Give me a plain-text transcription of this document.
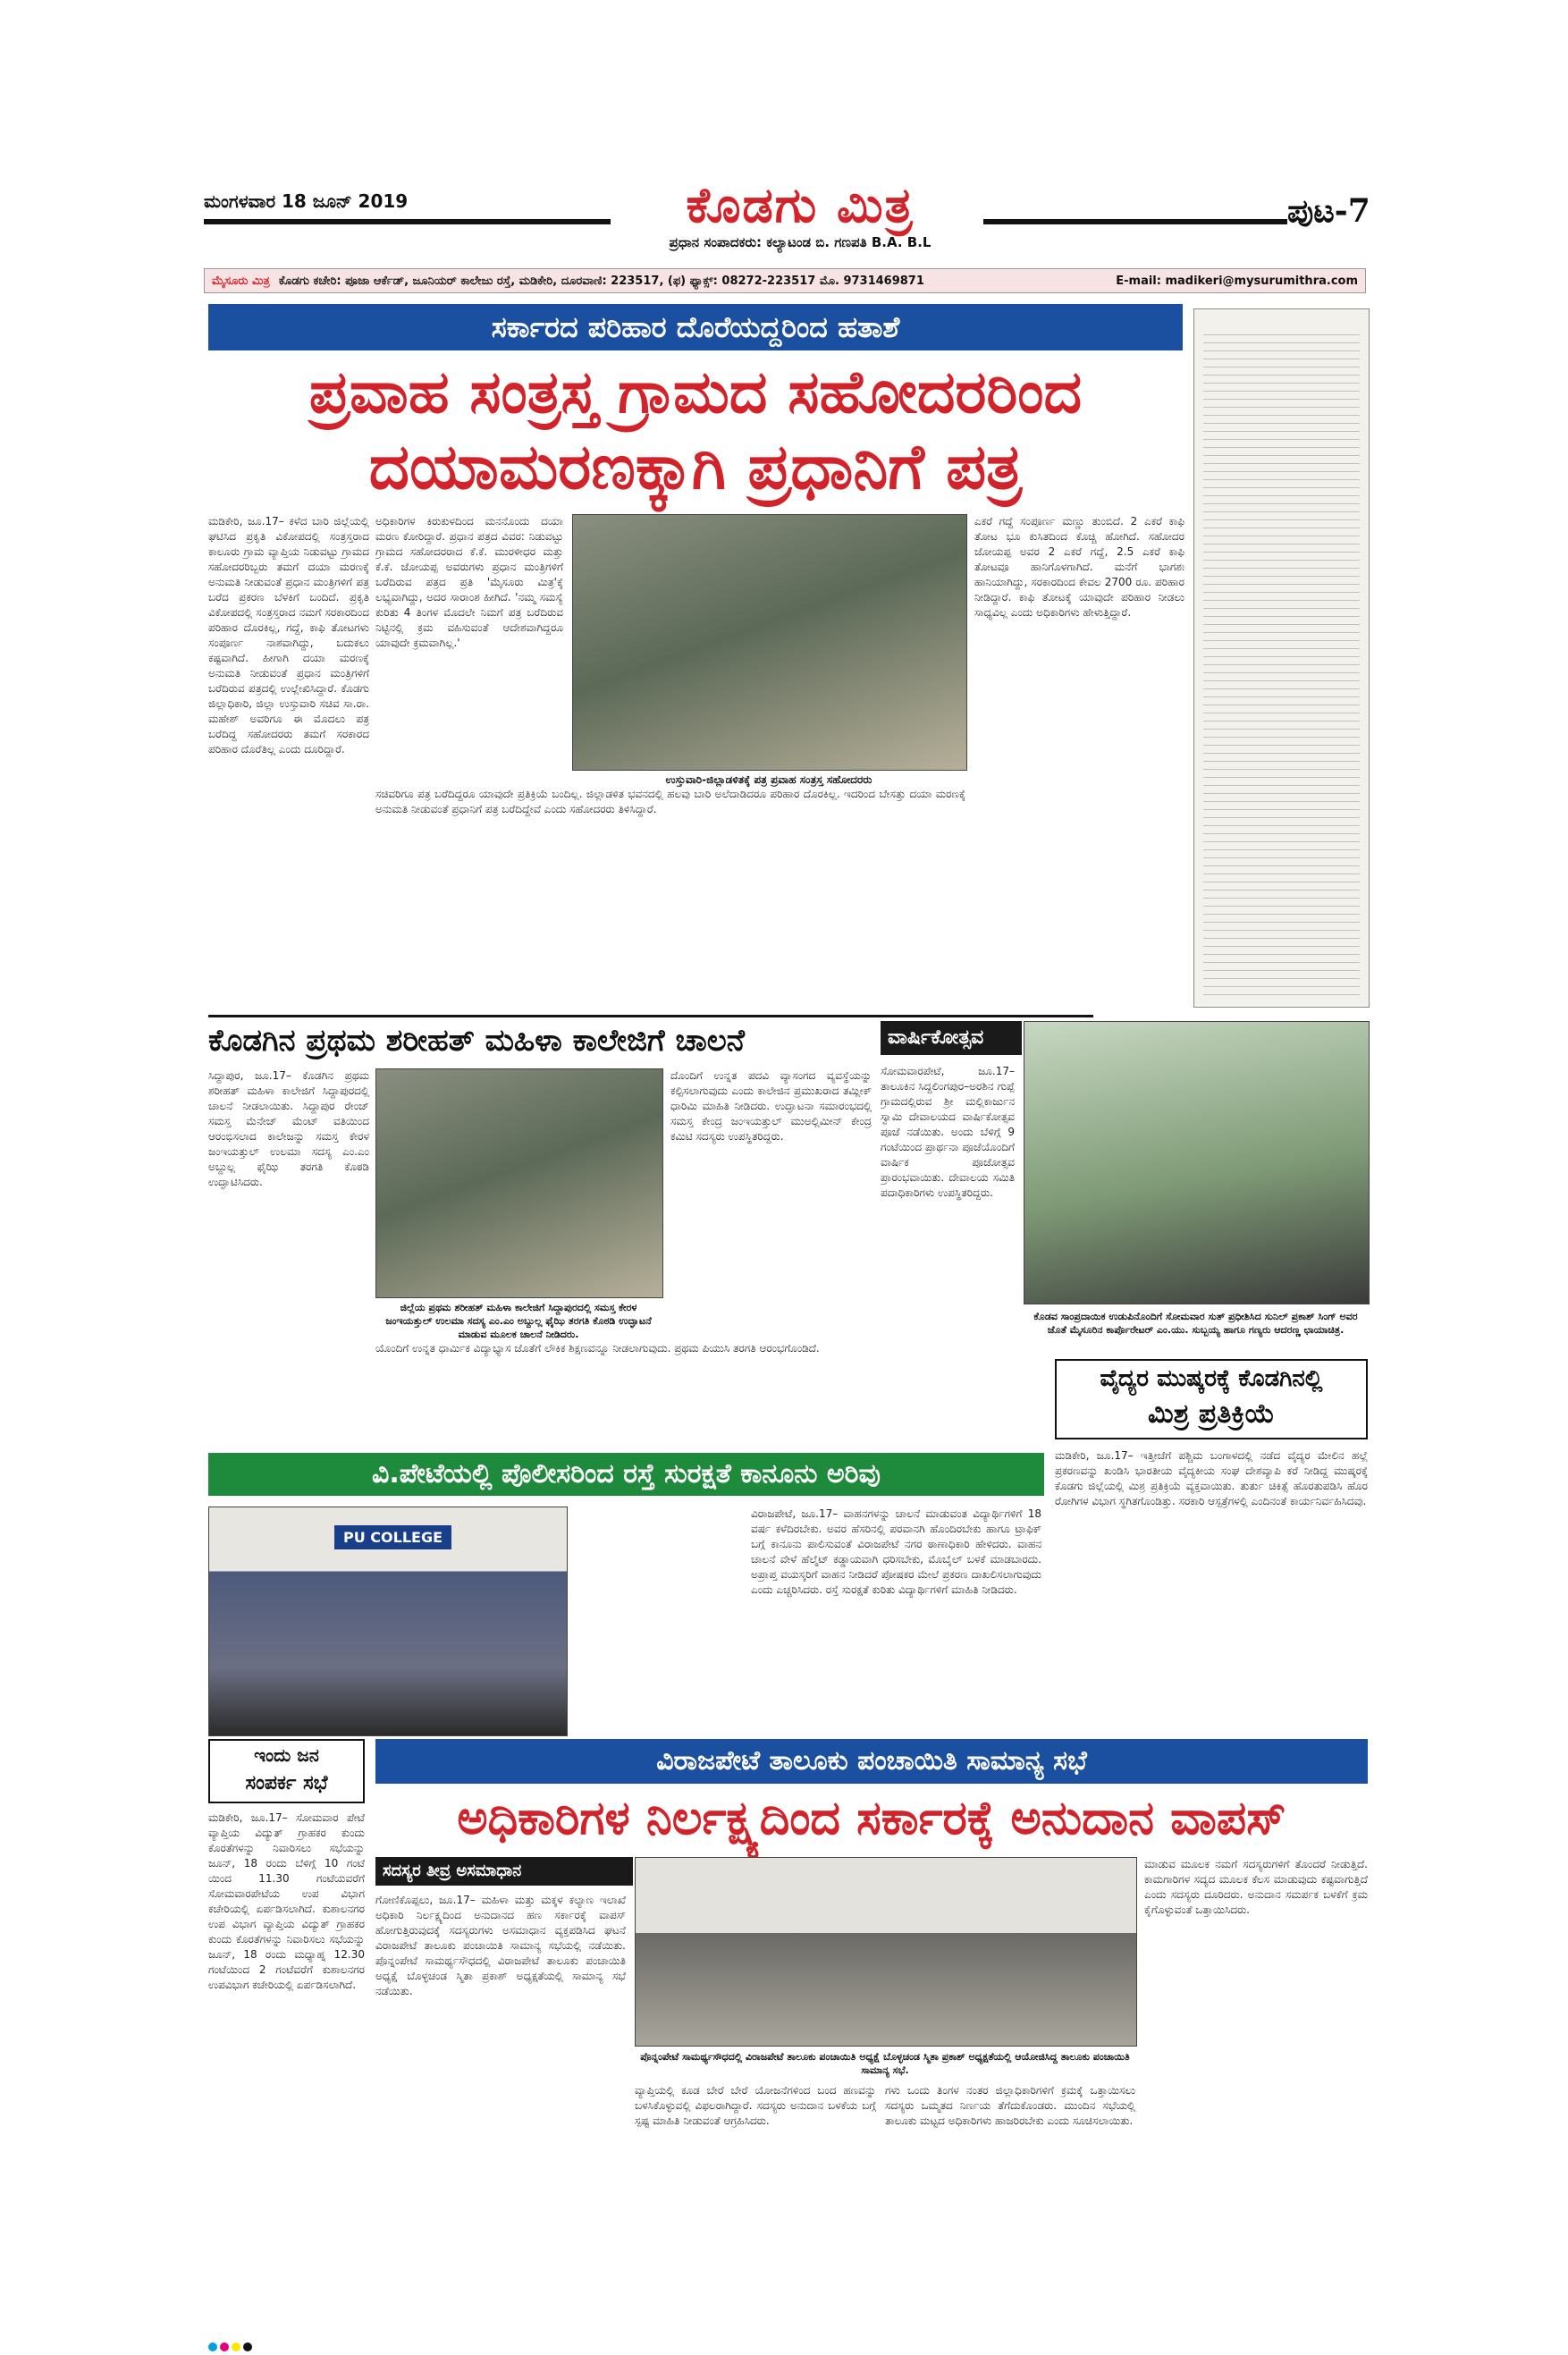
ಮಂಗಳವಾರ 18 ಜೂನ್ 2019	ಕೊಡಗು ಮಿತ್ರ
ಪ್ರಧಾನ ಸಂಪಾದಕರು: ಕಲ್ಯಾಟಂಡ ಬಿ. ಗಣಪತಿ B.A. B.L
ಪುಟ-7
ಮೈಸೂರು ಮಿತ್ರ ಕೊಡಗು ಕಚೇರಿ: ಪೂಜಾ ಆರ್ಕೆಡ್, ಜೂನಿಯರ್ ಕಾಲೇಜು ರಸ್ತೆ, ಮಡಿಕೇರಿ, ದೂರವಾಣಿ: 223517, (ಫ) ಫ್ಯಾಕ್ಸ್: 08272-223517 ಮೊ. 9731469871	E-mail: madikeri@mysurumithra.com
ಸರ್ಕಾರದ ಪರಿಹಾರ ದೊರೆಯದ್ದರಿಂದ ಹತಾಶೆ
ಪ್ರವಾಹ ಸಂತ್ರಸ್ತ ಗ್ರಾಮದ ಸಹೋದರರಿಂದ
ದಯಾಮರಣಕ್ಕಾಗಿ ಪ್ರಧಾನಿಗೆ ಪತ್ರ
ಮಡಿಕೇರಿ, ಜೂ.17– ಕಳೆದ ಬಾರಿ ಜಿಲ್ಲೆಯಲ್ಲಿ ಘಟಿಸಿದ ಪ್ರಕೃತಿ ವಿಕೋಪದಲ್ಲಿ ಸಂತ್ರಸ್ತರಾದ ಕಾಲೂರು ಗ್ರಾಮ ವ್ಯಾಪ್ತಿಯ ನಿಡುವಟ್ಟು ಗ್ರಾಮದ ಸಹೋದರರಿಬ್ಬರು ತಮಗೆ ದಯಾ ಮರಣಕ್ಕೆ ಅನುಮತಿ ನೀಡುವಂತೆ ಪ್ರಧಾನ ಮಂತ್ರಿಗಳಿಗೆ ಪತ್ರ ಬರೆದ ಪ್ರಕರಣ ಬೆಳಕಿಗೆ ಬಂದಿದೆ. ಪ್ರಕೃತಿ ವಿಕೋಪದಲ್ಲಿ ಸಂತ್ರಸ್ತರಾದ ನಮಗೆ ಸರಕಾರದಿಂದ ಪರಿಹಾರ ದೊರಕಿಲ್ಲ, ಗದ್ದೆ, ಕಾಫಿ ತೋಟಗಳು ಸಂಪೂರ್ಣ ನಾಶವಾಗಿದ್ದು, ಬದುಕಲು ಕಷ್ಟವಾಗಿದೆ. ಹೀಗಾಗಿ ದಯಾ ಮರಣಕ್ಕೆ ಅನುಮತಿ ನೀಡುವಂತೆ ಪ್ರಧಾನ ಮಂತ್ರಿಗಳಿಗೆ ಬರೆದಿರುವ ಪತ್ರದಲ್ಲಿ ಉಲ್ಲೇಖಿಸಿದ್ದಾರೆ. ಕೊಡಗು ಜಿಲ್ಲಾಧಿಕಾರಿ, ಜಿಲ್ಲಾ ಉಸ್ತುವಾರಿ ಸಚಿವ ಸಾ.ರಾ. ಮಹೇಶ್ ಅವರಿಗೂ ಈ ಮೊದಲು ಪತ್ರ ಬರೆದಿದ್ದ ಸಹೋದರರು ತಮಗೆ ಸರಕಾರದ ಪರಿಹಾರ ದೊರೆತಿಲ್ಲ ಎಂದು ದೂರಿದ್ದಾರೆ.
ಅಧಿಕಾರಿಗಳ ಕಿರುಕುಳದಿಂದ ಮನನೊಂದು ದಯಾ ಮರಣ ಕೋರಿದ್ದಾರೆ. ಪ್ರಧಾನ ಪತ್ರದ ವಿವರ: ನಿಡುವಟ್ಟು ಗ್ರಾಮದ ಸಹೋದರರಾದ ಕೆ.ಕೆ. ಮುರಳೀಧರ ಮತ್ತು ಕೆ.ಕೆ. ಜೋಯಪ್ಪ ಅವರುಗಳು ಪ್ರಧಾನ ಮಂತ್ರಿಗಳಿಗೆ ಬರೆದಿರುವ ಪತ್ರದ ಪ್ರತಿ 'ಮೈಸೂರು ಮಿತ್ರ'ಕ್ಕೆ ಲಭ್ಯವಾಗಿದ್ದು, ಅದರ ಸಾರಾಂಶ ಹೀಗಿದೆ. 'ನಮ್ಮ ಸಮಸ್ಯೆ ಕುರಿತು 4 ತಿಂಗಳ ಮೊದಲೇ ನಿಮಗೆ ಪತ್ರ ಬರೆದಿರುವ ನಿಟ್ಟಿನಲ್ಲಿ ಕ್ರಮ ವಹಿಸುವಂತೆ ಆದೇಶವಾಗಿದ್ದರೂ ಯಾವುದೇ ಕ್ರಮವಾಗಿಲ್ಲ.'
ಎಕರೆ ಗದ್ದೆ ಸಂಪೂರ್ಣ ಮಣ್ಣು ತುಂಬಿದೆ. 2 ಎಕರೆ ಕಾಫಿ ತೋಟ ಭೂ ಕುಸಿತದಿಂದ ಕೊಚ್ಚಿ ಹೋಗಿದೆ. ಸಹೋದರ ಜೋಯಪ್ಪ ಅವರ 2 ಎಕರೆ ಗದ್ದೆ, 2.5 ಎಕರೆ ಕಾಫಿ ತೋಟವೂ ಹಾನಿಗೊಳಗಾಗಿದೆ. ಮನೆಗೆ ಭಾಗಶಃ ಹಾನಿಯಾಗಿದ್ದು, ಸರಕಾರದಿಂದ ಕೇವಲ 2700 ರೂ. ಪರಿಹಾರ ನೀಡಿದ್ದಾರೆ. ಕಾಫಿ ತೋಟಕ್ಕೆ ಯಾವುದೇ ಪರಿಹಾರ ನೀಡಲು ಸಾಧ್ಯವಿಲ್ಲ ಎಂದು ಅಧಿಕಾರಿಗಳು ಹೇಳುತ್ತಿದ್ದಾರೆ.
ಉಸ್ತುವಾರಿ-ಜಿಲ್ಲಾಡಳಿತಕ್ಕೆ ಪತ್ರ ಪ್ರವಾಹ ಸಂತ್ರಸ್ತ ಸಹೋದರರು
ಸಚಿವರಿಗೂ ಪತ್ರ ಬರೆದಿದ್ದರೂ ಯಾವುದೇ ಪ್ರತಿಕ್ರಿಯೆ ಬಂದಿಲ್ಲ. ಜಿಲ್ಲಾಡಳಿತ ಭವನದಲ್ಲಿ ಹಲವು ಬಾರಿ ಅಲೆದಾಡಿದರೂ ಪರಿಹಾರ ದೊರಕಿಲ್ಲ. ಇದರಿಂದ ಬೇಸತ್ತು ದಯಾ ಮರಣಕ್ಕೆ ಅನುಮತಿ ನೀಡುವಂತೆ ಪ್ರಧಾನಿಗೆ ಪತ್ರ ಬರೆದಿದ್ದೇವೆ ಎಂದು ಸಹೋದರರು ತಿಳಿಸಿದ್ದಾರೆ.
ಕೊಡಗಿನ ಪ್ರಥಮ ಶರೀಹತ್ ಮಹಿಳಾ ಕಾಲೇಜಿಗೆ ಚಾಲನೆ
ಸಿದ್ದಾಪುರ, ಜೂ.17– ಕೊಡಗಿನ ಪ್ರಥಮ ಶರೀಹತ್ ಮಹಿಳಾ ಕಾಲೇಜಿಗೆ ಸಿದ್ದಾಪುರದಲ್ಲಿ ಚಾಲನೆ ನೀಡಲಾಯಿತು. ಸಿದ್ದಾಪುರ ರೇಂಜ್ ಸಮಸ್ತ ಮೆನೇಜ್ ಮೆಂಟ್ ವತಿಯಿಂದ ಆರಂಭಿಸಲಾದ ಕಾಲೇಜನ್ನು ಸಮಸ್ತ ಕೇರಳ ಜಂಇಯತ್ತುಲ್ ಉಲಮಾ ಸದಸ್ಯ ಎಂ.ಎಂ ಅಬ್ದುಲ್ಲ ಫೈಝಿ ತರಗತಿ ಕೊಠಡಿ ಉದ್ಘಾಟಿಸಿದರು.
ಜಿಲ್ಲೆಯ ಪ್ರಥಮ ಶರೀಹತ್ ಮಹಿಳಾ ಕಾಲೇಜಿಗೆ ಸಿದ್ದಾಪುರದಲ್ಲಿ ಸಮಸ್ತ ಕೇರಳ ಜಂಇಯತ್ತುಲ್ ಉಲಮಾ ಸದಸ್ಯ ಎಂ.ಎಂ ಅಬ್ದುಲ್ಲ ಫೈಝಿ ತರಗತಿ ಕೊಠಡಿ ಉದ್ಘಾಟನೆ ಮಾಡುವ ಮೂಲಕ ಚಾಲನೆ ನೀಡಿದರು.
ದೊಂದಿಗೆ ಉನ್ನತ ಪದವಿ ವ್ಯಾಸಂಗದ ವ್ಯವಸ್ಥೆಯನ್ನು ಕಲ್ಪಿಸಲಾಗುವುದು ಎಂದು ಕಾಲೇಜಿನ ಪ್ರಮುಖರಾದ ತಮ್ಲೀಕ್ ಧಾರಿಮಿ ಮಾಹಿತಿ ನೀಡಿದರು. ಉದ್ಘಾಟನಾ ಸಮಾರಂಭದಲ್ಲಿ ಸಮಸ್ತ ಕೇಂದ್ರ ಜಂಇಯತ್ತುಲ್ ಮುಅಲ್ಲಿಮೀನ್ ಕೇಂದ್ರ ಕಮಿಟಿ ಸದಸ್ಯರು ಉಪಸ್ಥಿತರಿದ್ದರು.
ಯೊಂದಿಗೆ ಉನ್ನತ ಧಾರ್ಮಿಕ ವಿದ್ಯಾಭ್ಯಾಸ ಜೊತೆಗೆ ಲೌಕಿಕ ಶಿಕ್ಷಣವನ್ನೂ ನೀಡಲಾಗುವುದು. ಪ್ರಥಮ ಪಿಯುಸಿ ತರಗತಿ ಆರಂಭಗೊಂಡಿದೆ.
ವಾರ್ಷಿಕೋತ್ಸವ
ಸೋಮವಾರಪೇಟೆ, ಜೂ.17– ತಾಲೂಕಿನ ಸಿದ್ದಲಿಂಗಪುರ–ಅರಶಿನ ಗುಪ್ಪೆ ಗ್ರಾಮದಲ್ಲಿರುವ ಶ್ರೀ ಮಲ್ಲಿಕಾರ್ಜುನ ಸ್ವಾಮಿ ದೇವಾಲಯದ ವಾರ್ಷಿಕೋತ್ಸವ ಪೂಜೆ ನಡೆಯಿತು. ಅಂದು ಬೆಳಿಗ್ಗೆ 9 ಗಂಟೆಯಿಂದ ಪ್ರಾರ್ಥನಾ ಪೂಜೆಯೊಂದಿಗೆ ವಾರ್ಷಿಕ ಪೂಜೋತ್ಸವ ಪ್ರಾರಂಭವಾಯಿತು. ದೇವಾಲಯ ಸಮಿತಿ ಪದಾಧಿಕಾರಿಗಳು ಉಪಸ್ಥಿತರಿದ್ದರು.
ಕೊಡವ ಸಾಂಪ್ರದಾಯಿಕ ಉಡುಪಿನೊಂದಿಗೆ ಸೋಮವಾರ ಸುತ್ ಪ್ರಧೀಶಿಸಿದ ಸುನಿಲ್ ಪ್ರಕಾಶ್ ಸಿಂಗ್ ಅವರ ಜೊತೆ ಮೈಸೂರಿನ ಕಾರ್ಪೊರೇಟರ್ ಎಂ.ಯು. ಸುಬ್ಬಯ್ಯ ಹಾಗೂ ಗಣ್ಯರು ಆದರಣ್ಣ ಛಾಯಾಚಿತ್ರ.
ವೈದ್ಯರ ಮುಷ್ಕರಕ್ಕೆ ಕೊಡಗಿನಲ್ಲಿ
ಮಿಶ್ರ ಪ್ರತಿಕ್ರಿಯೆ
ಮಡಿಕೇರಿ, ಜೂ.17– ಇತ್ತೀಚೆಗೆ ಪಶ್ಚಿಮ ಬಂಗಾಳದಲ್ಲಿ ನಡೆದ ವೈದ್ಯರ ಮೇಲಿನ ಹಲ್ಲೆ ಪ್ರಕರಣವನ್ನು ಖಂಡಿಸಿ ಭಾರತೀಯ ವೈದ್ಯಕೀಯ ಸಂಘ ದೇಶವ್ಯಾಪಿ ಕರೆ ನೀಡಿದ್ದ ಮುಷ್ಕರಕ್ಕೆ ಕೊಡಗು ಜಿಲ್ಲೆಯಲ್ಲಿ ಮಿಶ್ರ ಪ್ರತಿಕ್ರಿಯೆ ವ್ಯಕ್ತವಾಯಿತು. ತುರ್ತು ಚಿಕಿತ್ಸೆ ಹೊರತುಪಡಿಸಿ ಹೊರ ರೋಗಿಗಳ ವಿಭಾಗ ಸ್ಥಗಿತಗೊಂಡಿತ್ತು. ಸರಕಾರಿ ಆಸ್ಪತ್ರೆಗಳಲ್ಲಿ ಎಂದಿನಂತೆ ಕಾರ್ಯನಿರ್ವಹಿಸಿದವು.
ವಿ.ಪೇಟೆಯಲ್ಲಿ ಪೊಲೀಸರಿಂದ ರಸ್ತೆ ಸುರಕ್ಷತೆ ಕಾನೂನು ಅರಿವು
PU COLLEGE
ವಿರಾಜಪೇಟೆ, ಜೂ.17– ವಾಹನಗಳನ್ನು ಚಾಲನೆ ಮಾಡುವಂತ ವಿದ್ಯಾರ್ಥಿಗಳಿಗೆ 18 ವರ್ಷ ಕಳೆದಿರಬೇಕು. ಅವರ ಹೆಸರಿನಲ್ಲಿ ಪರವಾನಗಿ ಹೊಂದಿರಬೇಕು ಹಾಗೂ ಟ್ರಾಫಿಕ್ ಬಗ್ಗೆ ಕಾನೂನು ಪಾಲಿಸುವಂತೆ ವಿರಾಜಪೇಟೆ ನಗರ ಠಾಣಾಧಿಕಾರಿ ಹೇಳಿದರು. ವಾಹನ ಚಾಲನೆ ವೇಳೆ ಹೆಲ್ಮೆಟ್ ಕಡ್ಡಾಯವಾಗಿ ಧರಿಸಬೇಕು, ಮೊಬೈಲ್ ಬಳಕೆ ಮಾಡಬಾರದು. ಅಪ್ರಾಪ್ತ ವಯಸ್ಕರಿಗೆ ವಾಹನ ನೀಡಿದರೆ ಪೋಷಕರ ಮೇಲೆ ಪ್ರಕರಣ ದಾಖಲಿಸಲಾಗುವುದು ಎಂದು ಎಚ್ಚರಿಸಿದರು. ರಸ್ತೆ ಸುರಕ್ಷತೆ ಕುರಿತು ವಿದ್ಯಾರ್ಥಿಗಳಿಗೆ ಮಾಹಿತಿ ನೀಡಿದರು.
ಇಂದು ಜನ
ಸಂಪರ್ಕ ಸಭೆ
ಮಡಿಕೇರಿ, ಜೂ.17– ಸೋಮವಾರ ಪೇಟೆ ವ್ಯಾಪ್ತಿಯ ವಿದ್ಯುತ್ ಗ್ರಾಹಕರ ಕುಂದು ಕೊರತೆಗಳನ್ನು ನಿವಾರಿಸಲು ಸಭೆಯನ್ನು ಜೂನ್, 18 ರಂದು ಬೆಳಿಗ್ಗೆ 10 ಗಂಟೆ ಯಿಂದ 11.30 ಗಂಟೆಯವರೆಗೆ ಸೋಮವಾರಪೇಟೆಯ ಉಪ ವಿಭಾಗ ಕಚೇರಿಯಲ್ಲಿ ಏರ್ಪಡಿಸಲಾಗಿದೆ. ಕುಶಾಲನಗರ ಉಪ ವಿಭಾಗ ವ್ಯಾಪ್ತಿಯ ವಿದ್ಯುತ್ ಗ್ರಾಹಕರ ಕುಂದು ಕೊರತೆಗಳನ್ನು ನಿವಾರಿಸಲು ಸಭೆಯನ್ನು ಜೂನ್, 18 ರಂದು ಮಧ್ಯಾಹ್ನ 12.30 ಗಂಟೆಯಿಂದ 2 ಗಂಟೆವರೆಗೆ ಕುಶಾಲನಗರ ಉಪವಿಭಾಗ ಕಚೇರಿಯಲ್ಲಿ ಏರ್ಪಡಿಸಲಾಗಿದೆ.
ವಿರಾಜಪೇಟೆ ತಾಲೂಕು ಪಂಚಾಯಿತಿ ಸಾಮಾನ್ಯ ಸಭೆ
ಅಧಿಕಾರಿಗಳ ನಿರ್ಲಕ್ಷ್ಯದಿಂದ ಸರ್ಕಾರಕ್ಕೆ ಅನುದಾನ ವಾಪಸ್
ಸದಸ್ಯರ ತೀವ್ರ ಅಸಮಾಧಾನ
ಗೋಣಿಕೊಪ್ಪಲು, ಜೂ.17– ಮಹಿಳಾ ಮತ್ತು ಮಕ್ಕಳ ಕಲ್ಯಾಣ ಇಲಾಖೆ ಅಧಿಕಾರಿ ನಿರ್ಲಕ್ಷ್ಯದಿಂದ ಅನುದಾನದ ಹಣ ಸರ್ಕಾರಕ್ಕೆ ವಾಪಸ್ ಹೋಗುತ್ತಿರುವುದಕ್ಕೆ ಸದಸ್ಯರುಗಳು ಅಸಮಾಧಾನ ವ್ಯಕ್ತಪಡಿಸಿದ ಘಟನೆ ವಿರಾಜಪೇಟೆ ತಾಲೂಕು ಪಂಚಾಯಿತಿ ಸಾಮಾನ್ಯ ಸಭೆಯಲ್ಲಿ ನಡೆಯಿತು. ಪೊನ್ನಂಪೇಟೆ ಸಾಮರ್ಥ್ಯಸೌಧದಲ್ಲಿ ವಿರಾಜಪೇಟೆ ತಾಲೂಕು ಪಂಚಾಯಿತಿ ಅಧ್ಯಕ್ಷೆ ಬೊಳ್ಳಚಂಡ ಸ್ಮಿತಾ ಪ್ರಕಾಶ್ ಅಧ್ಯಕ್ಷತೆಯಲ್ಲಿ ಸಾಮಾನ್ಯ ಸಭೆ ನಡೆಯಿತು.
ಪೊನ್ನಂಪೇಟೆ ಸಾಮರ್ಥ್ಯಸೌಧದಲ್ಲಿ ವಿರಾಜಪೇಟೆ ತಾಲೂಕು ಪಂಚಾಯಿತಿ ಅಧ್ಯಕ್ಷೆ ಬೊಳ್ಳಚಂಡ ಸ್ಮಿತಾ ಪ್ರಕಾಶ್ ಅಧ್ಯಕ್ಷತೆಯಲ್ಲಿ ಆಯೋಜಿಸಿದ್ದ ತಾಲೂಕು ಪಂಚಾಯಿತಿ ಸಾಮಾನ್ಯ ಸಭೆ.
ವ್ಯಾಪ್ತಿಯಲ್ಲಿ ಕೂಡ ಬೇರೆ ಬೇರೆ ಯೋಜನೆಗಳಿಂದ ಬಂದ ಹಣವನ್ನು ಬಳಸಿಕೊಳ್ಳುವಲ್ಲಿ ವಿಫಲರಾಗಿದ್ದಾರೆ. ಸದಸ್ಯರು ಅನುದಾನ ಬಳಕೆಯ ಬಗ್ಗೆ ಸ್ಪಷ್ಟ ಮಾಹಿತಿ ನೀಡುವಂತೆ ಆಗ್ರಹಿಸಿದರು.
ಗಳು ಒಂದು ತಿಂಗಳ ನಂತರ ಜಿಲ್ಲಾಧಿಕಾರಿಗಳಿಗೆ ಕ್ರಮಕ್ಕೆ ಒತ್ತಾಯಿಸಲು ಸದಸ್ಯರು ಒಮ್ಮತದ ನಿರ್ಣಯ ತೆಗೆದುಕೊಂಡರು. ಮುಂದಿನ ಸಭೆಯಲ್ಲಿ ತಾಲೂಕು ಮಟ್ಟದ ಅಧಿಕಾರಿಗಳು ಹಾಜರಿರಬೇಕು ಎಂದು ಸೂಚಿಸಲಾಯಿತು.
ಮಾಡುವ ಮೂಲಕ ನಮಗೆ ಸದಸ್ಯರುಗಳಿಗೆ ತೊಂದರೆ ನೀಡುತ್ತಿದೆ. ಕಾಮಗಾರಿಗಳ ಸದ್ಯದ ಮೂಲಕ ಕೆಲಸ ಮಾಡುವುದು ಕಷ್ಟವಾಗುತ್ತಿದೆ ಎಂದು ಸದಸ್ಯರು ದೂರಿದರು. ಅನುದಾನ ಸಮರ್ಪಕ ಬಳಕೆಗೆ ಕ್ರಮ ಕೈಗೊಳ್ಳುವಂತೆ ಒತ್ತಾಯಿಸಿದರು.
